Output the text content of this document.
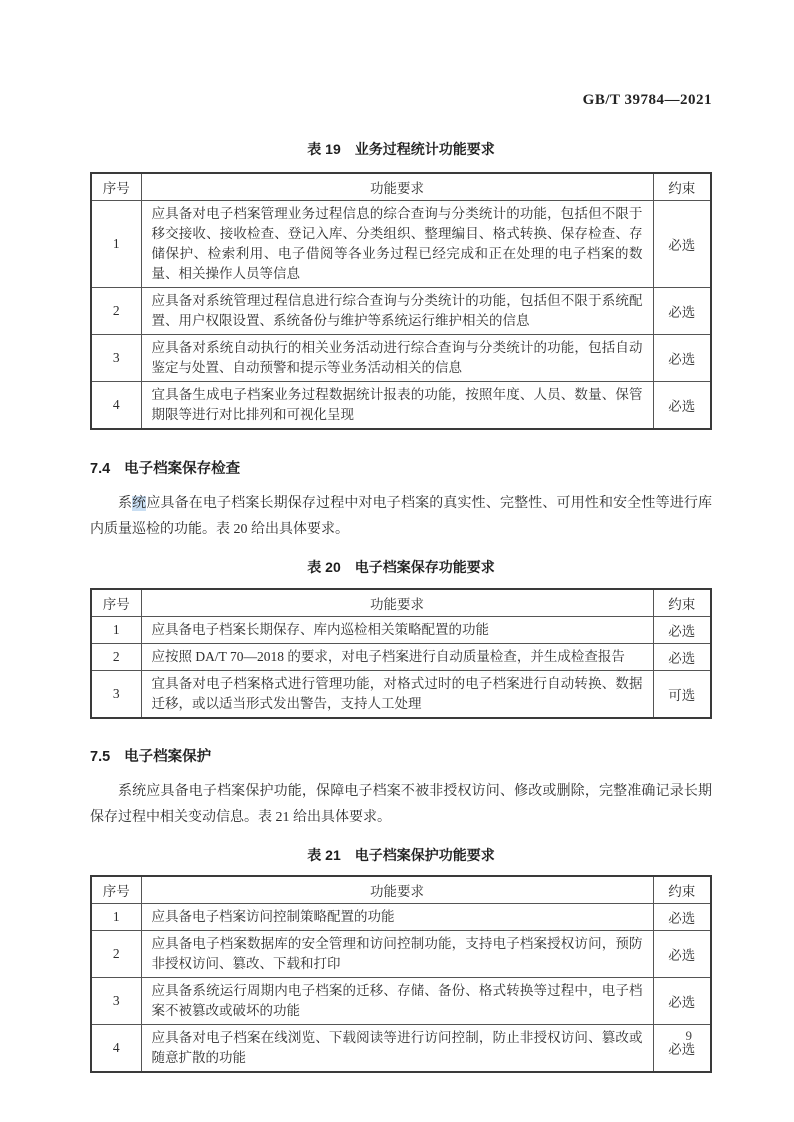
GB/T 39784—2021
表 19 业务过程统计功能要求
序号	功能要求	约束
1	应具备对电子档案管理业务过程信息的综合查询与分类统计的功能，包括但不限于移交接收、接收检查、登记入库、分类组织、整理编目、格式转换、保存检查、存储保护、检索利用、电子借阅等各业务过程已经完成和正在处理的电子档案的数量、相关操作人员等信息	必选
2	应具备对系统管理过程信息进行综合查询与分类统计的功能，包括但不限于系统配置、用户权限设置、系统备份与维护等系统运行维护相关的信息	必选
3	应具备对系统自动执行的相关业务活动进行综合查询与分类统计的功能，包括自动鉴定与处置、自动预警和提示等业务活动相关的信息	必选
4	宜具备生成电子档案业务过程数据统计报表的功能，按照年度、人员、数量、保管期限等进行对比排列和可视化呈现	必选
7.4 电子档案保存检查

系统应具备在电子档案长期保存过程中对电子档案的真实性、完整性、可用性和安全性等进行库内质量巡检的功能。表 20 给出具体要求。

表 20 电子档案保存功能要求
序号	功能要求	约束
1	应具备电子档案长期保存、库内巡检相关策略配置的功能	必选
2	应按照 DA/T 70—2018 的要求，对电子档案进行自动质量检查，并生成检查报告	必选
3	宜具备对电子档案格式进行管理功能，对格式过时的电子档案进行自动转换、数据迁移，或以适当形式发出警告，支持人工处理	可选
7.5 电子档案保护

系统应具备电子档案保护功能，保障电子档案不被非授权访问、修改或删除，完整准确记录长期保存过程中相关变动信息。表 21 给出具体要求。

表 21 电子档案保护功能要求
序号	功能要求	约束
1	应具备电子档案访问控制策略配置的功能	必选
2	应具备电子档案数据库的安全管理和访问控制功能，支持电子档案授权访问，预防非授权访问、篡改、下载和打印	必选
3	应具备系统运行周期内电子档案的迁移、存储、备份、格式转换等过程中，电子档案不被篡改或破坏的功能	必选
4	应具备对电子档案在线浏览、下载阅读等进行访问控制，防止非授权访问、篡改或随意扩散的功能	必选
9
